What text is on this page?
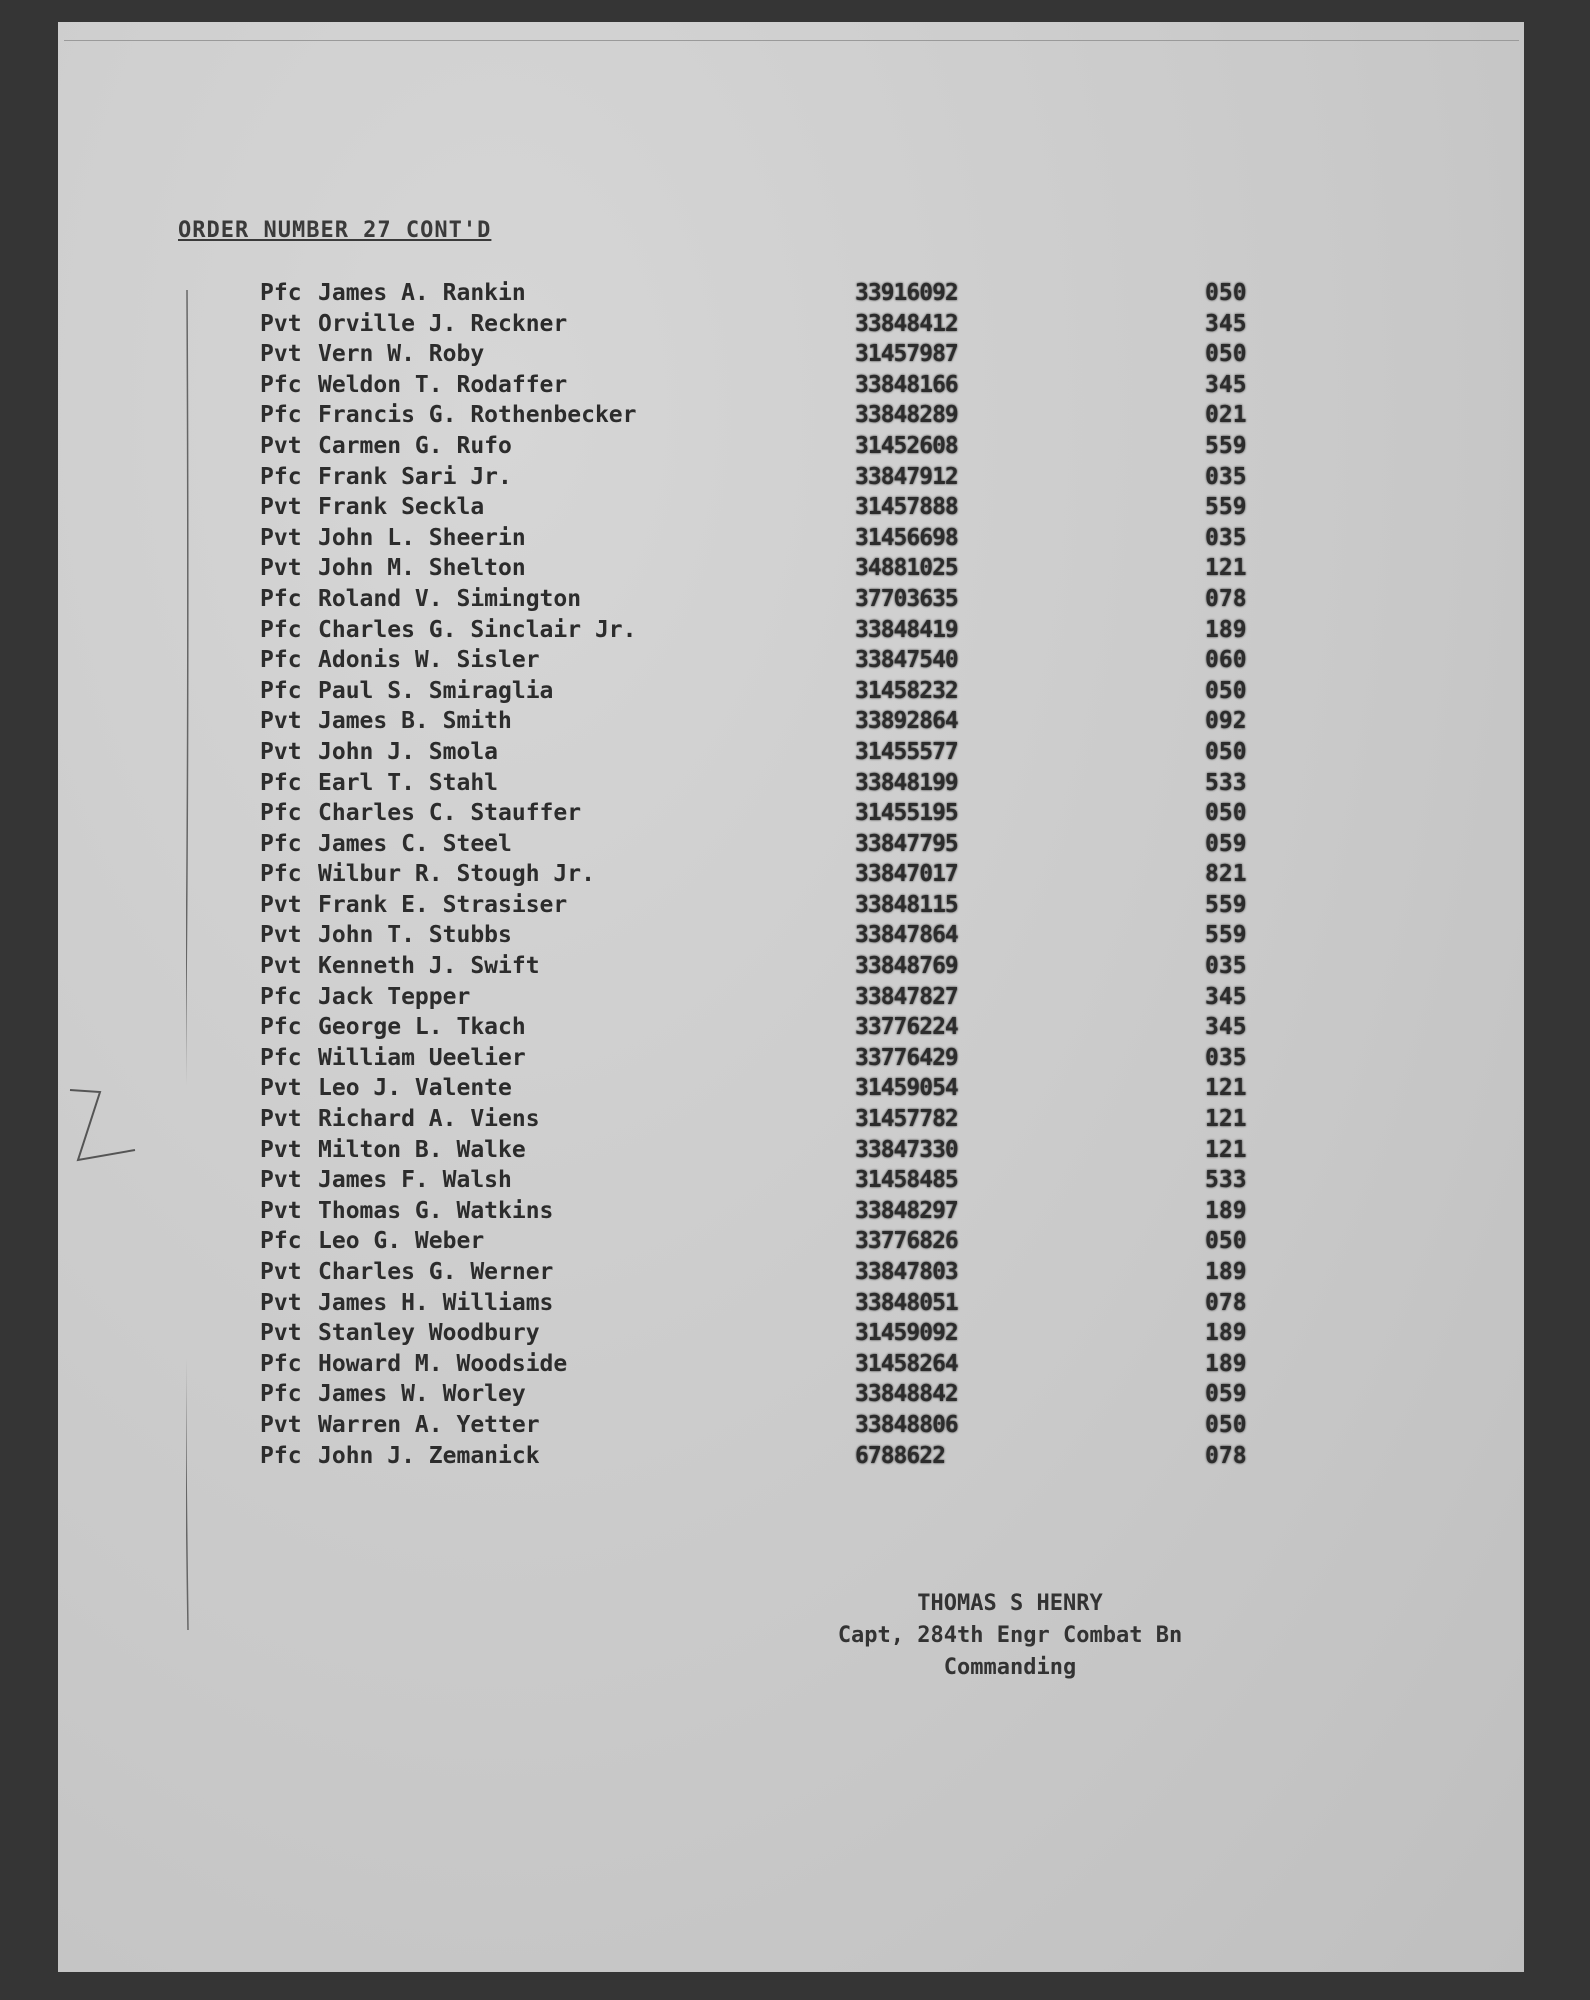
ORDER NUMBER 27 CONT'D
Pfc James A. Rankin	33916092	050
Pvt Orville J. Reckner	33848412	345
Pvt Vern W. Roby	31457987	050
Pfc Weldon T. Rodaffer	33848166	345
Pfc Francis G. Rothenbecker	33848289	021
Pvt Carmen G. Rufo	31452608	559
Pfc Frank Sari Jr.	33847912	035
Pvt Frank Seckla	31457888	559
Pvt John L. Sheerin	31456698	035
Pvt John M. Shelton	34881025	121
Pfc Roland V. Simington	37703635	078
Pfc Charles G. Sinclair Jr.	33848419	189
Pfc Adonis W. Sisler	33847540	060
Pfc Paul S. Smiraglia	31458232	050
Pvt James B. Smith	33892864	092
Pvt John J. Smola	31455577	050
Pfc Earl T. Stahl	33848199	533
Pfc Charles C. Stauffer	31455195	050
Pfc James C. Steel	33847795	059
Pfc Wilbur R. Stough Jr.	33847017	821
Pvt Frank E. Strasiser	33848115	559
Pvt John T. Stubbs	33847864	559
Pvt Kenneth J. Swift	33848769	035
Pfc Jack Tepper	33847827	345
Pfc George L. Tkach	33776224	345
Pfc William Ueelier	33776429	035
Pvt Leo J. Valente	31459054	121
Pvt Richard A. Viens	31457782	121
Pvt Milton B. Walke	33847330	121
Pvt James F. Walsh	31458485	533
Pvt Thomas G. Watkins	33848297	189
Pfc Leo G. Weber	33776826	050
Pvt Charles G. Werner	33847803	189
Pvt James H. Williams	33848051	078
Pvt Stanley Woodbury	31459092	189
Pfc Howard M. Woodside	31458264	189
Pfc James W. Worley	33848842	059
Pvt Warren A. Yetter	33848806	050
Pfc John J. Zemanick	6788622	078
THOMAS S HENRY
Capt, 284th Engr Combat Bn
Commanding
